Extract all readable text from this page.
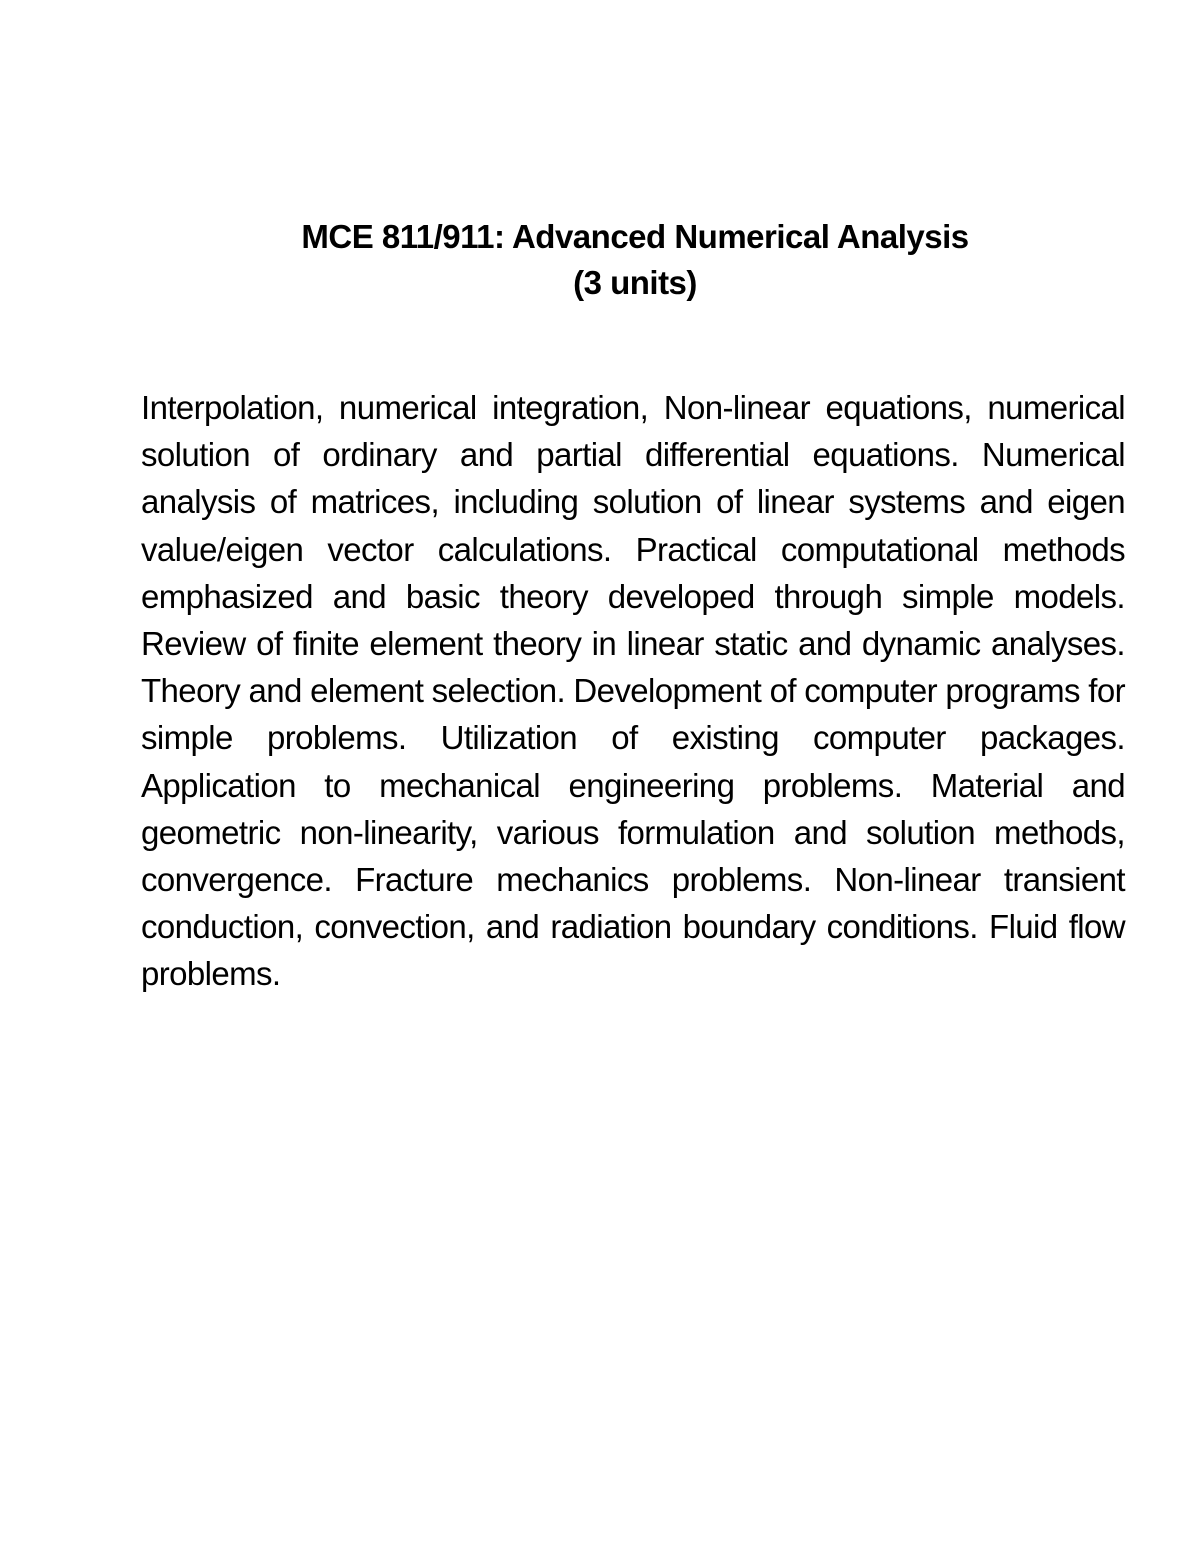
MCE 811/911: Advanced Numerical Analysis
(3 units)
Interpolation, numerical integration, Non-linear equations, numerical solution of ordinary and partial differential equations. Numerical analysis of matrices, including solution of linear systems and eigen value/eigen vector calculations. Practical computational methods emphasized and basic theory developed through simple models. Review of finite element theory in linear static and dynamic analyses. Theory and element selection. Development of computer programs for simple problems. Utilization of existing computer packages. Application to mechanical engineering problems. Material and geometric non-linearity, various formulation and solution methods, convergence. Fracture mechanics problems. Non-linear transient conduction, convection, and radiation boundary conditions. Fluid flow problems.
